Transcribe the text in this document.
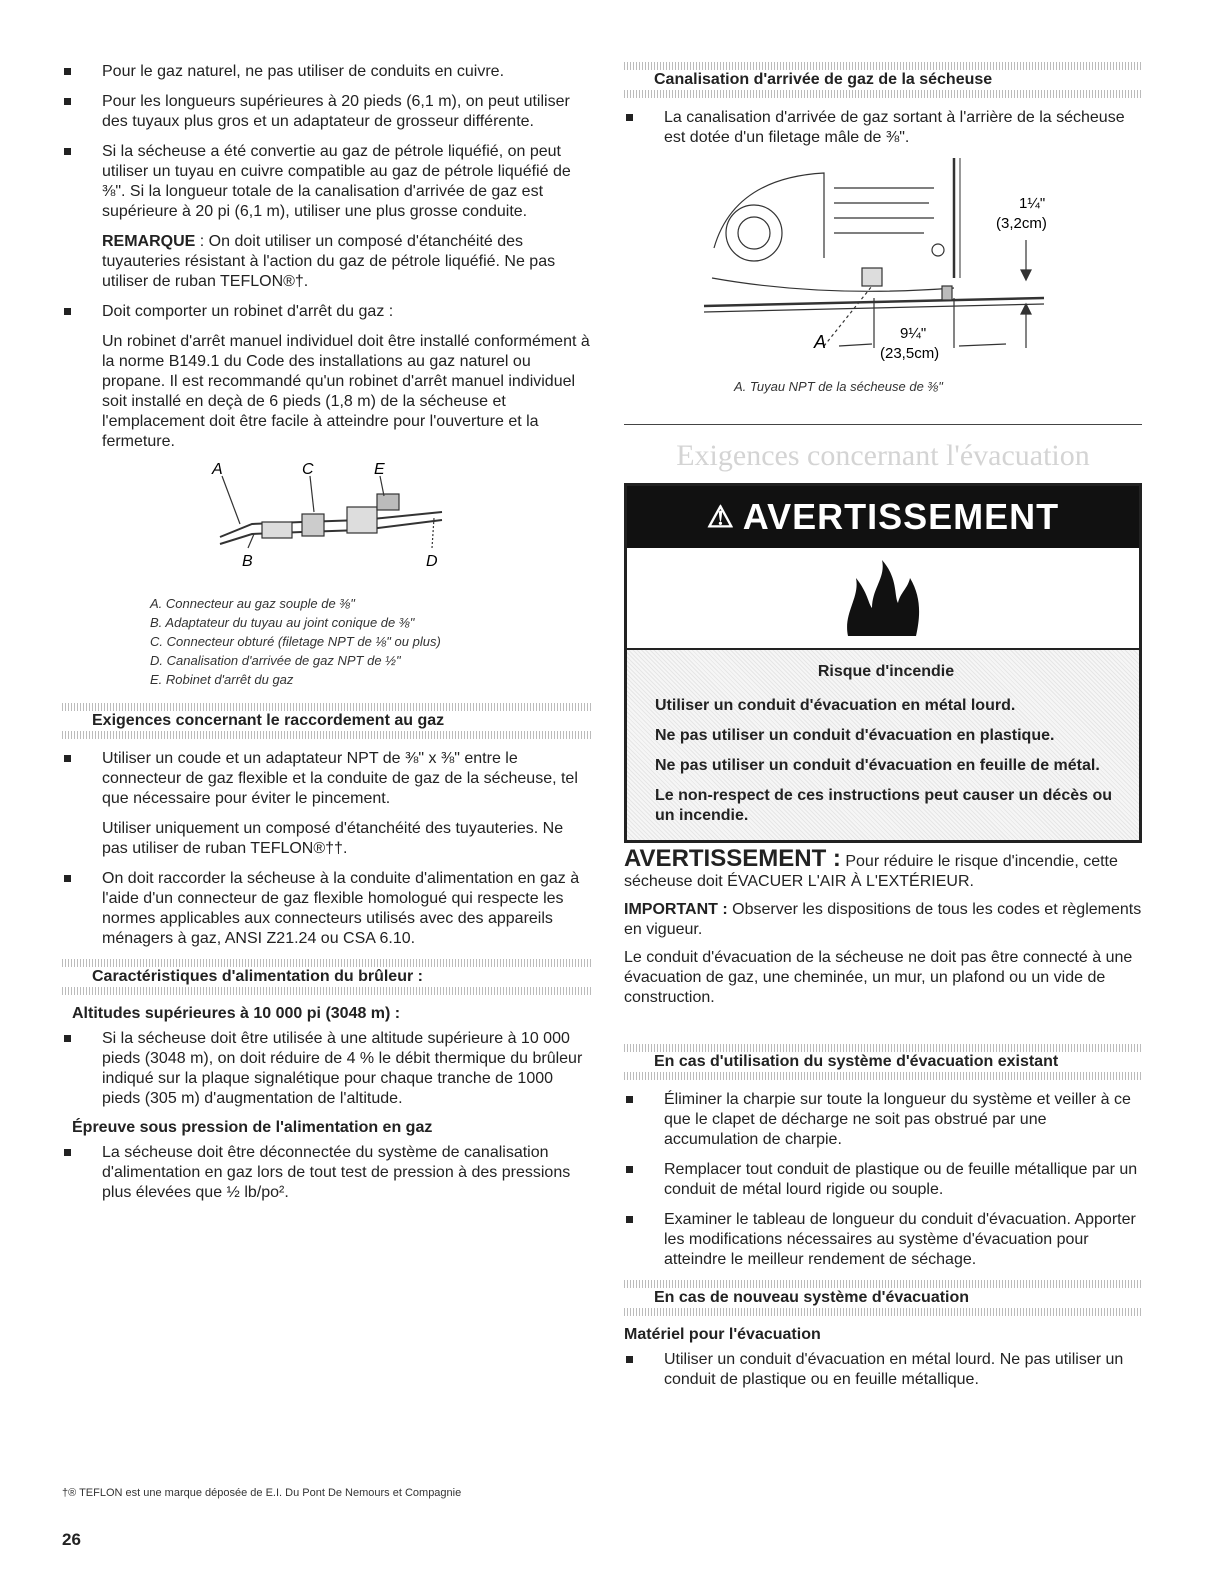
Pour le gaz naturel, ne pas utiliser de conduits en cuivre.
Pour les longueurs supérieures à 20 pieds (6,1 m), on peut utiliser des tuyaux plus gros et un adaptateur de grosseur différente.
Si la sécheuse a été convertie au gaz de pétrole liquéfié, on peut utiliser un tuyau en cuivre compatible au gaz de pétrole liquéfié de ⅜". Si la longueur totale de la canalisation d'arrivée de gaz est supérieure à 20 pi (6,1 m), utiliser une plus grosse conduite.
REMARQUE : On doit utiliser un composé d'étanchéité des tuyauteries résistant à l'action du gaz de pétrole liquéfié. Ne pas utiliser de ruban TEFLON®†.
Doit comporter un robinet d'arrêt du gaz :
Un robinet d'arrêt manuel individuel doit être installé conformément à la norme B149.1 du Code des installations au gaz naturel ou propane. Il est recommandé qu'un robinet d'arrêt manuel individuel soit installé en deçà de 6 pieds (1,8 m) de la sécheuse et l'emplacement doit être facile à atteindre pour l'ouverture et la fermeture.
A	C	E
B	D
A. Connecteur au gaz souple de ⅜"
B. Adaptateur du tuyau au joint conique de ⅜"
C. Connecteur obturé (filetage NPT de ⅛" ou plus)
D. Canalisation d'arrivée de gaz NPT de ½"
E. Robinet d'arrêt du gaz
Exigences concernant le raccordement au gaz
Utiliser un coude et un adaptateur NPT de ⅜" x ⅜" entre le connecteur de gaz flexible et la conduite de gaz de la sécheuse, tel que nécessaire pour éviter le pincement.
Utiliser uniquement un composé d'étanchéité des tuyauteries. Ne pas utiliser de ruban TEFLON®††.
On doit raccorder la sécheuse à la conduite d'alimentation en gaz à l'aide d'un connecteur de gaz flexible homologué qui respecte les normes applicables aux connecteurs utilisés avec des appareils ménagers à gaz, ANSI Z21.24 ou CSA 6.10.
Caractéristiques d'alimentation du brûleur :
Altitudes supérieures à 10 000 pi (3048 m) :
Si la sécheuse doit être utilisée à une altitude supérieure à 10 000 pieds (3048 m), on doit réduire de 4 % le débit thermique du brûleur indiqué sur la plaque signalétique pour chaque tranche de 1000 pieds (305 m) d'augmentation de l'altitude.
Épreuve sous pression de l'alimentation en gaz
La sécheuse doit être déconnectée du système de canalisation d'alimentation en gaz lors de tout test de pression à des pressions plus élevées que ½ lb/po².
Canalisation d'arrivée de gaz de la sécheuse
La canalisation d'arrivée de gaz sortant à l'arrière de la sécheuse est dotée d'un filetage mâle de ⅜".
1¼"
(3,2cm)
9¼"
(23,5cm)
A
A. Tuyau NPT de la sécheuse de ⅜"
Exigences concernant l'évacuation
⚠ AVERTISSEMENT

Risque d'incendie

Utiliser un conduit d'évacuation en métal lourd.

Ne pas utiliser un conduit d'évacuation en plastique.

Ne pas utiliser un conduit d'évacuation en feuille de métal.

Le non-respect de ces instructions peut causer un décès ou un incendie.

AVERTISSEMENT : Pour réduire le risque d'incendie, cette sécheuse doit ÉVACUER L'AIR À L'EXTÉRIEUR.
IMPORTANT : Observer les dispositions de tous les codes et règlements en vigueur.
Le conduit d'évacuation de la sécheuse ne doit pas être connecté à une évacuation de gaz, une cheminée, un mur, un plafond ou un vide de construction.
En cas d'utilisation du système d'évacuation existant
Éliminer la charpie sur toute la longueur du système et veiller à ce que le clapet de décharge ne soit pas obstrué par une accumulation de charpie.
Remplacer tout conduit de plastique ou de feuille métallique par un conduit de métal lourd rigide ou souple.
Examiner le tableau de longueur du conduit d'évacuation. Apporter les modifications nécessaires au système d'évacuation pour atteindre le meilleur rendement de séchage.
En cas de nouveau système d'évacuation
Matériel pour l'évacuation
Utiliser un conduit d'évacuation en métal lourd. Ne pas utiliser un conduit de plastique ou en feuille métallique.
†® TEFLON est une marque déposée de E.I. Du Pont De Nemours et Compagnie
26
